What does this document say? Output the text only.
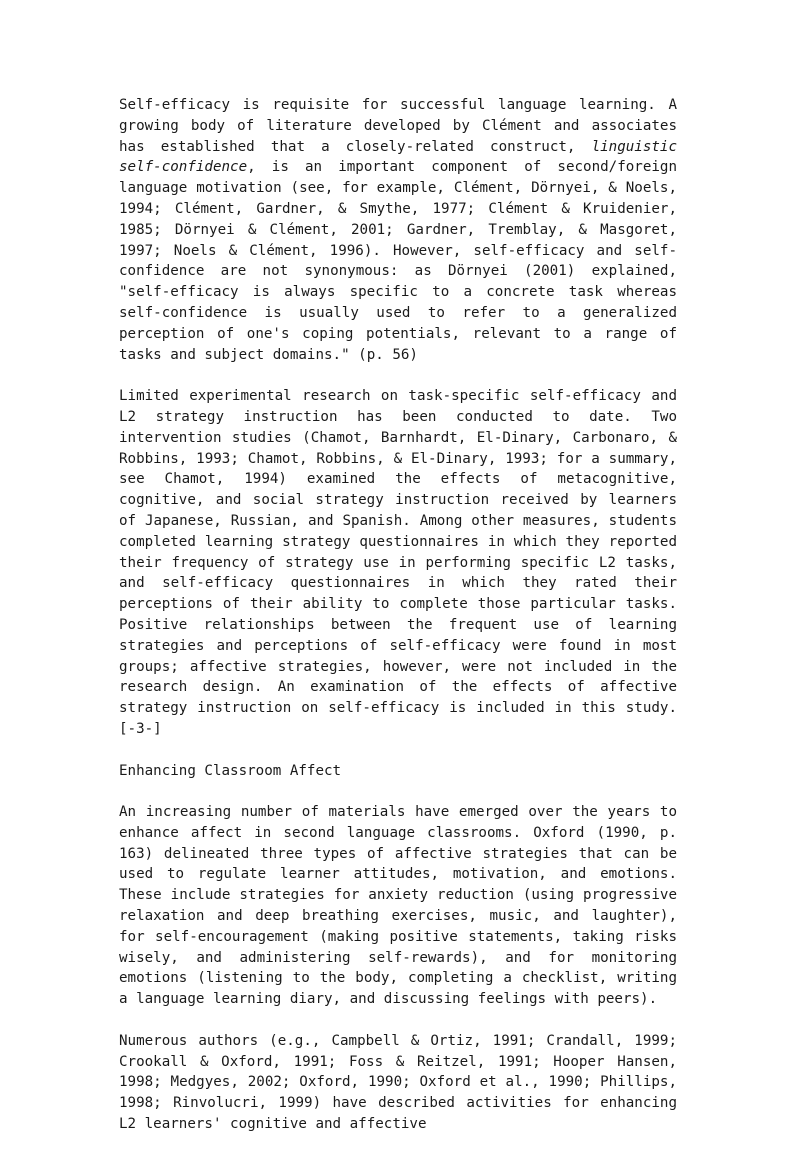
Self-efficacy is requisite for successful language learning. A growing body of literature developed by Clément and associates has established that a closely-related construct, linguistic self-confidence, is an important component of second/foreign language motivation (see, for example, Clément, Dörnyei, & Noels, 1994; Clément, Gardner, & Smythe, 1977; Clément & Kruidenier, 1985; Dörnyei & Clément, 2001; Gardner, Tremblay, & Masgoret, 1997; Noels & Clément, 1996). However, self-efficacy and self-confidence are not synonymous: as Dörnyei (2001) explained, "self-efficacy is always specific to a concrete task whereas self-confidence is usually used to refer to a generalized perception of one's coping potentials, relevant to a range of tasks and subject domains." (p. 56)

Limited experimental research on task-specific self-efficacy and L2 strategy instruction has been conducted to date. Two intervention studies (Chamot, Barnhardt, El-Dinary, Carbonaro, & Robbins, 1993; Chamot, Robbins, & El-Dinary, 1993; for a summary, see Chamot, 1994) examined the effects of metacognitive, cognitive, and social strategy instruction received by learners of Japanese, Russian, and Spanish. Among other measures, students completed learning strategy questionnaires in which they reported their frequency of strategy use in performing specific L2 tasks, and self-efficacy questionnaires in which they rated their perceptions of their ability to complete those particular tasks. Positive relationships between the frequent use of learning strategies and perceptions of self-efficacy were found in most groups; affective strategies, however, were not included in the research design. An examination of the effects of affective strategy instruction on self-efficacy is included in this study. [-3-]

Enhancing Classroom Affect

An increasing number of materials have emerged over the years to enhance affect in second language classrooms. Oxford (1990, p. 163) delineated three types of affective strategies that can be used to regulate learner attitudes, motivation, and emotions. These include strategies for anxiety reduction (using progressive relaxation and deep breathing exercises, music, and laughter), for self-encouragement (making positive statements, taking risks wisely, and administering self-rewards), and for monitoring emotions (listening to the body, completing a checklist, writing a language learning diary, and discussing feelings with peers).

Numerous authors (e.g., Campbell & Ortiz, 1991; Crandall, 1999; Crookall & Oxford, 1991; Foss & Reitzel, 1991; Hooper Hansen, 1998; Medgyes, 2002; Oxford, 1990; Oxford et al., 1990; Phillips, 1998; Rinvolucri, 1999) have described activities for enhancing L2 learners' cognitive and affective
